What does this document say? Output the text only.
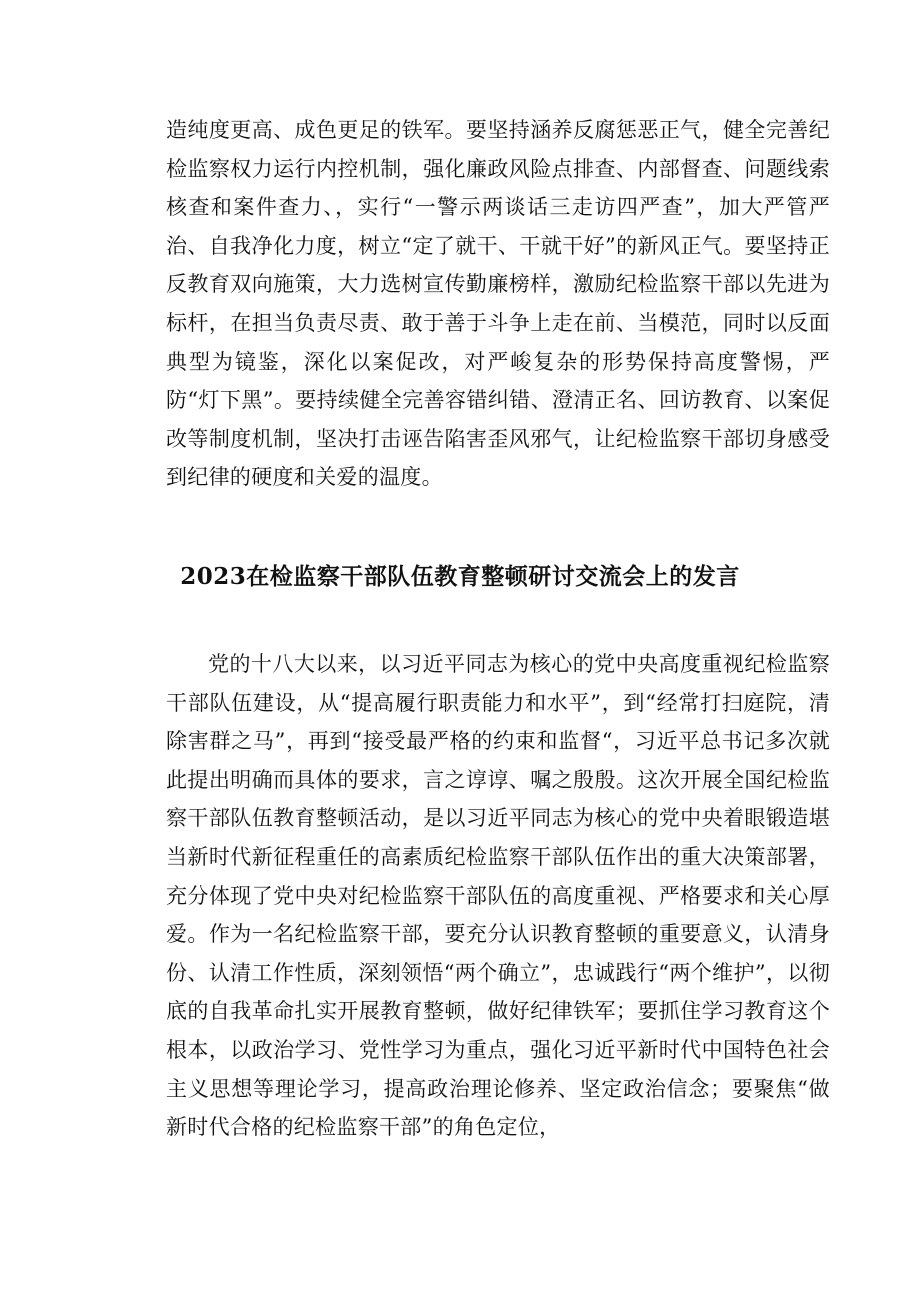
造纯度更高、成色更足的铁军。要坚持涵养反腐惩恶正气，健全完善纪检监察权力运行内控机制，强化廉政风险点排查、内部督查、问题线索核查和案件查力、，实行“一警示两谈话三走访四严查”，加大严管严治、自我净化力度，树立“定了就干、干就干好”的新风正气。要坚持正反教育双向施策，大力选树宣传勤廉榜样，激励纪检监察干部以先进为标杆，在担当负责尽责、敢于善于斗争上走在前、当模范，同时以反面典型为镜鉴，深化以案促改，对严峻复杂的形势保持高度警惕，严防“灯下黑”。要持续健全完善容错纠错、澄清正名、回访教育、以案促改等制度机制，坚决打击诬告陷害歪风邪气，让纪检监察干部切身感受到纪律的硬度和关爱的温度。

2023在检监察干部队伍教育整顿研讨交流会上的发言

党的十八大以来，以习近平同志为核心的党中央高度重视纪检监察干部队伍建设，从“提高履行职责能力和水平”，到“经常打扫庭院，清除害群之马”，再到“接受最严格的约束和监督“，习近平总书记多次就此提出明确而具体的要求，言之谆谆、嘱之殷殷。这次开展全国纪检监察干部队伍教育整顿活动，是以习近平同志为核心的党中央着眼锻造堪当新时代新征程重任的高素质纪检监察干部队伍作出的重大决策部署，充分体现了党中央对纪检监察干部队伍的高度重视、严格要求和关心厚爱。作为一名纪检监察干部，要充分认识教育整顿的重要意义，认清身份、认清工作性质，深刻领悟“两个确立”，忠诚践行“两个维护”，以彻底的自我革命扎实开展教育整顿，做好纪律铁军；要抓住学习教育这个根本，以政治学习、党性学习为重点，强化习近平新时代中国特色社会主义思想等理论学习，提高政治理论修养、坚定政治信念；要聚焦“做新时代合格的纪检监察干部”的角色定位，
